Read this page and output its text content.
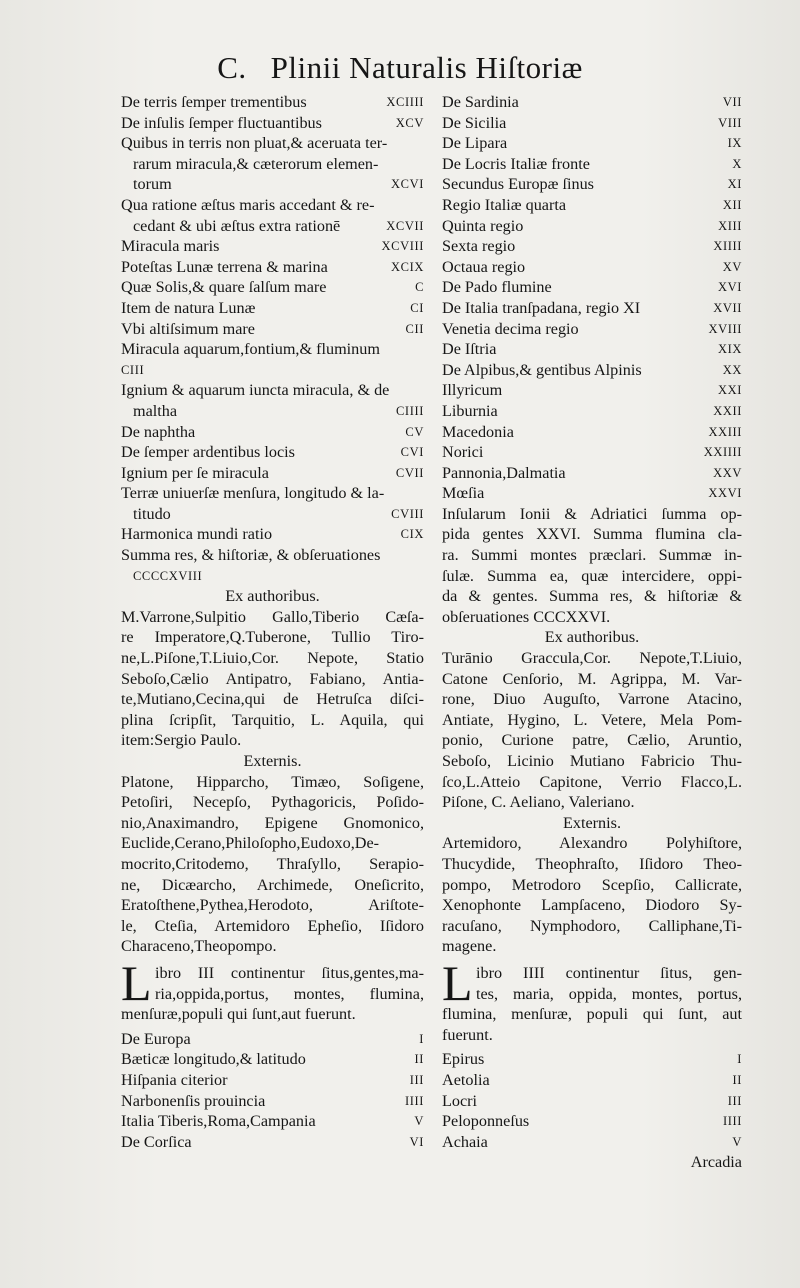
C. Plinii Naturalis Hiſtoriæ
De terris ſemper trementibus	XCIIII
De inſulis ſemper fluctuantibus	XCV
Quibus in terris non pluat,& aceruata ter-
rarum miracula,& cæterorum elemen-
torum	XCVI
Qua ratione æſtus maris accedant & re-
cedant & ubi æſtus extra rationē	XCVII
Miracula maris	XCVIII
Poteſtas Lunæ terrena & marina	XCIX
Quæ Solis,& quare ſalſum mare	C
Item de natura Lunæ	CI
Vbi altiſsimum mare	CII
Miracula aquarum,fontium,& fluminum
CIII
Ignium & aquarum iuncta miracula, & de
maltha	CIIII
De naphtha	CV
De ſemper ardentibus locis	CVI
Ignium per ſe miracula	CVII
Terræ uniuerſæ menſura, longitudo & la-
titudo	CVIII
Harmonica mundi ratio	CIX
Summa res, & hiſtoriæ, & obſeruationes
CCCCXVIII
Ex authoribus.
M.Varrone,Sulpitio Gallo,Tiberio Cæſa-
re Imperatore,Q.Tuberone, Tullio Tiro-
ne,L.Piſone,T.Liuio,Cor. Nepote, Statio
Seboſo,Cælio Antipatro, Fabiano, Antia-
te,Mutiano,Cecina,qui de Hetruſca diſci-
plina ſcripſit, Tarquitio, L. Aquila, qui
item:Sergio Paulo.
Externis.
Platone, Hipparcho, Timæo, Soſigene,
Petoſiri, Necepſo, Pythagoricis, Poſido-
nio,Anaximandro, Epigene Gnomonico,
Euclide,Cerano,Philoſopho,Eudoxo,De-
mocrito,Critodemo, Thraſyllo, Serapio-
ne, Dicæarcho, Archimede, Oneſicrito,
Eratoſthene,Pythea,Herodoto, Ariſtote-
le, Cteſia, Artemidoro Epheſio, Iſidoro
Characeno,Theopompo.
L ibro III continentur ſitus,gentes,ma-
ria,oppida,portus, montes, flumina,
menſuræ,populi qui ſunt,aut fuerunt.
De Europa	I
Bæticæ longitudo,& latitudo	II
Hiſpania citerior	III
Narbonenſis prouincia	IIII
Italia Tiberis,Roma,Campania	V
De Corſica	VI
De Sardinia	VII
De Sicilia	VIII
De Lipara	IX
De Locris Italiæ fronte	X
Secundus Europæ ſinus	XI
Regio Italiæ quarta	XII
Quinta regio	XIII
Sexta regio	XIIII
Octaua regio	XV
De Pado flumine	XVI
De Italia tranſpadana, regio XI	XVII
Venetia decima regio	XVIII
De Iſtria	XIX
De Alpibus,& gentibus Alpinis	XX
Illyricum	XXI
Liburnia	XXII
Macedonia	XXIII
Norici	XXIIII
Pannonia,Dalmatia	XXV
Mœſia	XXVI
Inſularum Ionii & Adriatici ſumma op-
pida gentes XXVI. Summa flumina cla-
ra. Summi montes præclari. Summæ in-
ſulæ. Summa ea, quæ intercidere, oppi-
da & gentes. Summa res, & hiſtoriæ &
obſeruationes CCCXXVI.
Ex authoribus.
Turānio Graccula,Cor. Nepote,T.Liuio,
Catone Cenſorio, M. Agrippa, M. Var-
rone, Diuo Auguſto, Varrone Atacino,
Antiate, Hygino, L. Vetere, Mela Pom-
ponio, Curione patre, Cælio, Aruntio,
Seboſo, Licinio Mutiano Fabricio Thu-
ſco,L.Atteio Capitone, Verrio Flacco,L.
Piſone, C. Aeliano, Valeriano.
Externis.
Artemidoro, Alexandro Polyhiſtore,
Thucydide, Theophraſto, Iſidoro Theo-
pompo, Metrodoro Scepſio, Callicrate,
Xenophonte Lampſaceno, Diodoro Sy-
racuſano, Nymphodoro, Calliphane,Ti-
magene.
L ibro IIII continentur ſitus, gen-
tes, maria, oppida, montes, portus,
flumina, menſuræ, populi qui ſunt, aut
fuerunt.
Epirus	I
Aetolia	II
Locri	III
Peloponneſus	IIII
Achaia	V
Arcadia
